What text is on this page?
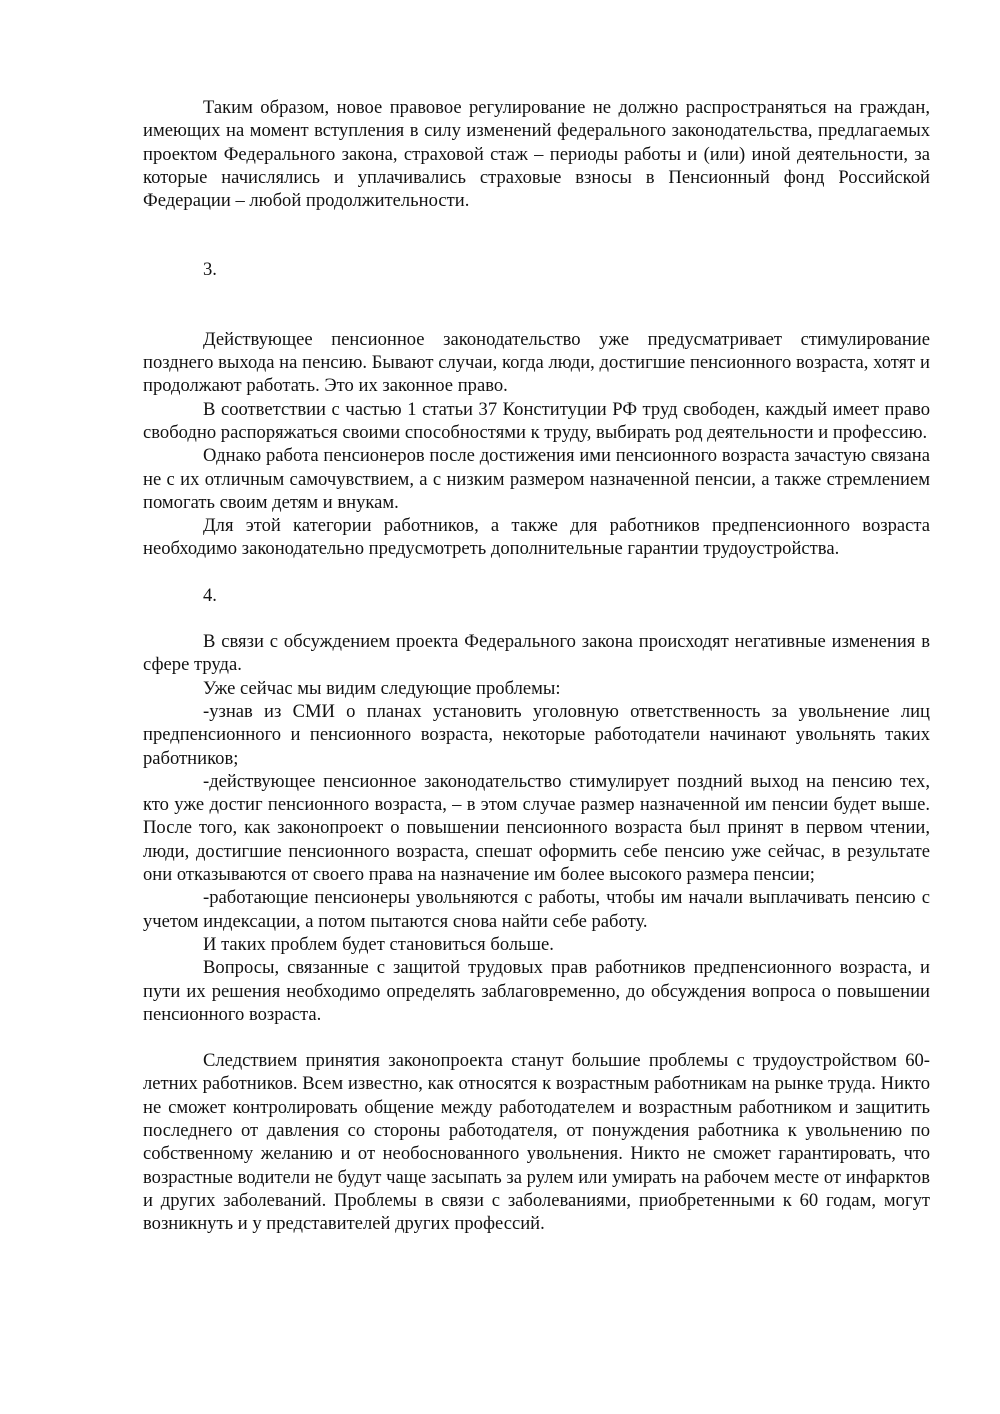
Таким образом, новое правовое регулирование не должно распространяться на граждан, имеющих на момент вступления в силу изменений федерального законодательства, предлагаемых проектом Федерального закона, страховой стаж – периоды работы и (или) иной деятельности, за которые начислялись и уплачивались страховые взносы в Пенсионный фонд Российской Федерации – любой продолжительности.

3.

Действующее пенсионное законодательство уже предусматривает стимулирование позднего выхода на пенсию. Бывают случаи, когда люди, достигшие пенсионного возраста, хотят и продолжают работать. Это их законное право.

В соответствии с частью 1 статьи 37 Конституции РФ труд свободен, каждый имеет право свободно распоряжаться своими способностями к труду, выбирать род деятельности и профессию.

Однако работа пенсионеров после достижения ими пенсионного возраста зачастую связана не с их отличным самочувствием, а с низким размером назначенной пенсии, а также стремлением помогать своим детям и внукам.

Для этой категории работников, а также для работников предпенсионного возраста необходимо законодательно предусмотреть дополнительные гарантии трудоустройства.

4.

В связи с обсуждением проекта Федерального закона происходят негативные изменения в сфере труда.

Уже сейчас мы видим следующие проблемы:

-узнав из СМИ о планах установить уголовную ответственность за увольнение лиц предпенсионного и пенсионного возраста, некоторые работодатели начинают увольнять таких работников;

-действующее пенсионное законодательство стимулирует поздний выход на пенсию тех, кто уже достиг пенсионного возраста, – в этом случае размер назначенной им пенсии будет выше. После того, как законопроект о повышении пенсионного возраста был принят в первом чтении, люди, достигшие пенсионного возраста, спешат оформить себе пенсию уже сейчас, в результате они отказываются от своего права на назначение им более высокого размера пенсии;

-работающие пенсионеры увольняются с работы, чтобы им начали выплачивать пенсию с учетом индексации, а потом пытаются снова найти себе работу.

И таких проблем будет становиться больше.

Вопросы, связанные с защитой трудовых прав работников предпенсионного возраста, и пути их решения необходимо определять заблаговременно, до обсуждения вопроса о повышении пенсионного возраста.

Следствием принятия законопроекта станут большие проблемы с трудоустройством 60-летних работников. Всем известно, как относятся к возрастным работникам на рынке труда. Никто не сможет контролировать общение между работодателем и возрастным работником и защитить последнего от давления со стороны работодателя, от понуждения работника к увольнению по собственному желанию и от необоснованного увольнения. Никто не сможет гарантировать, что возрастные водители не будут чаще засыпать за рулем или умирать на рабочем месте от инфарктов и других заболеваний. Проблемы в связи с заболеваниями, приобретенными к 60 годам, могут возникнуть и у представителей других профессий.
